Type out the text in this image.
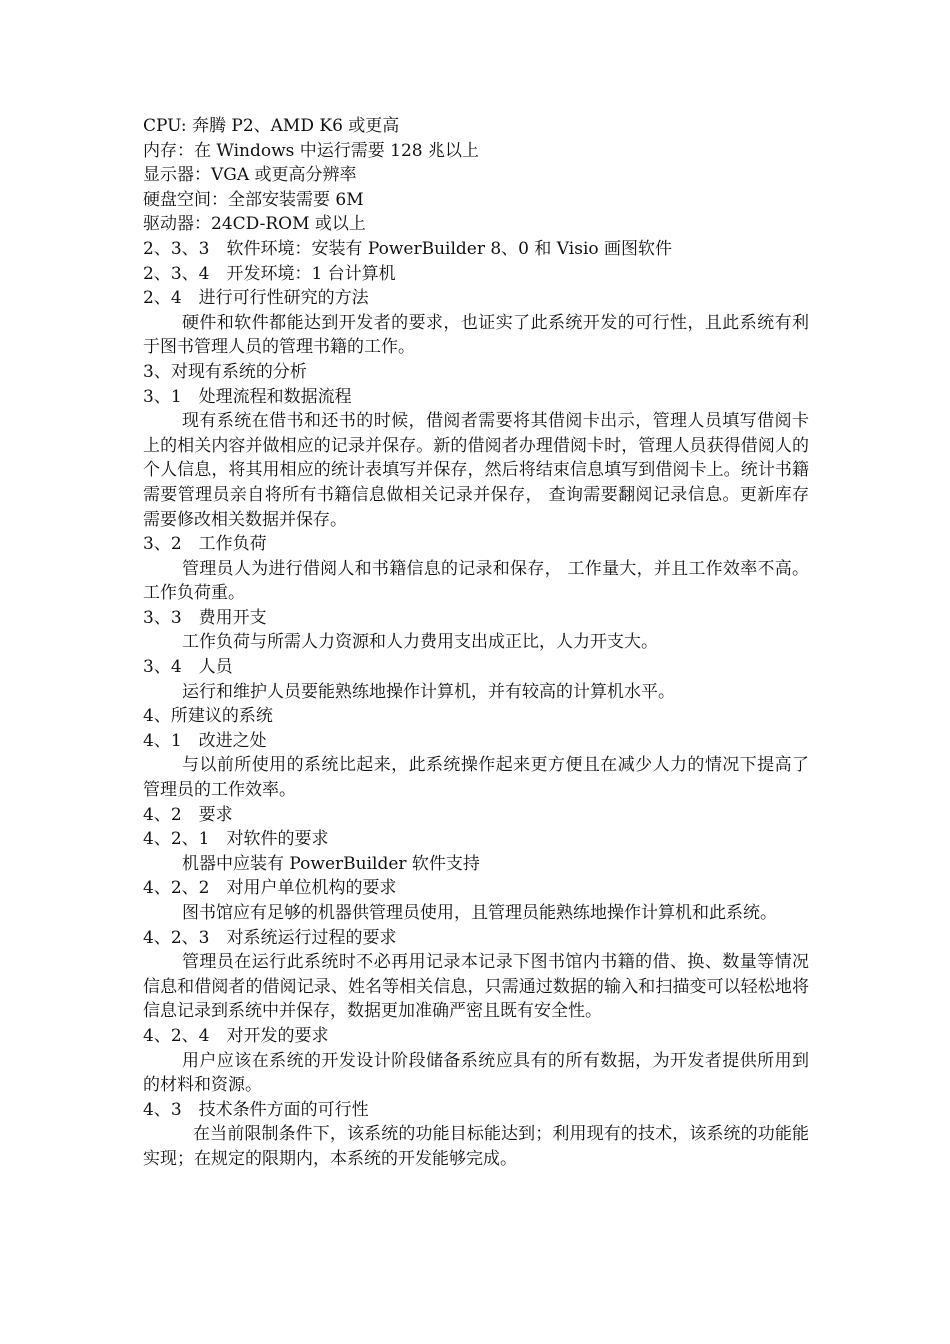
CPU: 奔腾 P2、AMD K6 或更高

内存：在 Windows 中运行需要 128 兆以上

显示器：VGA 或更高分辨率

硬盘空间：全部安装需要 6M

驱动器：24CD-ROM 或以上

2、3、3　软件环境：安装有 PowerBuilder 8、0 和 Visio 画图软件

2、3、4　开发环境：1 台计算机

2、4　进行可行性研究的方法

硬件和软件都能达到开发者的要求，也证实了此系统开发的可行性，且此系统有利于图书管理人员的管理书籍的工作。

3、对现有系统的分析

3、1　处理流程和数据流程

现有系统在借书和还书的时候，借阅者需要将其借阅卡出示，管理人员填写借阅卡上的相关内容并做相应的记录并保存。新的借阅者办理借阅卡时，管理人员获得借阅人的个人信息，将其用相应的统计表填写并保存，然后将结束信息填写到借阅卡上。统计书籍需要管理员亲自将所有书籍信息做相关记录并保存， 查询需要翻阅记录信息。更新库存需要修改相关数据并保存。

3、2　工作负荷

管理员人为进行借阅人和书籍信息的记录和保存， 工作量大，并且工作效率不高。工作负荷重。

3、3　费用开支

工作负荷与所需人力资源和人力费用支出成正比，人力开支大。

3、4　人员

运行和维护人员要能熟练地操作计算机，并有较高的计算机水平。

4、所建议的系统

4、1　改进之处

与以前所使用的系统比起来，此系统操作起来更方便且在减少人力的情况下提高了管理员的工作效率。

4、2　要求

4、2、1　对软件的要求

机器中应装有 PowerBuilder 软件支持

4、2、2　对用户单位机构的要求

图书馆应有足够的机器供管理员使用，且管理员能熟练地操作计算机和此系统。

4、2、3　对系统运行过程的要求

管理员在运行此系统时不必再用记录本记录下图书馆内书籍的借、换、数量等情况信息和借阅者的借阅记录、姓名等相关信息，只需通过数据的输入和扫描变可以轻松地将信息记录到系统中并保存，数据更加准确严密且既有安全性。

4、2、4　对开发的要求

用户应该在系统的开发设计阶段储备系统应具有的所有数据，为开发者提供所用到的材料和资源。

4、3　技术条件方面的可行性

在当前限制条件下，该系统的功能目标能达到；利用现有的技术，该系统的功能能实现；在规定的限期内，本系统的开发能够完成。
